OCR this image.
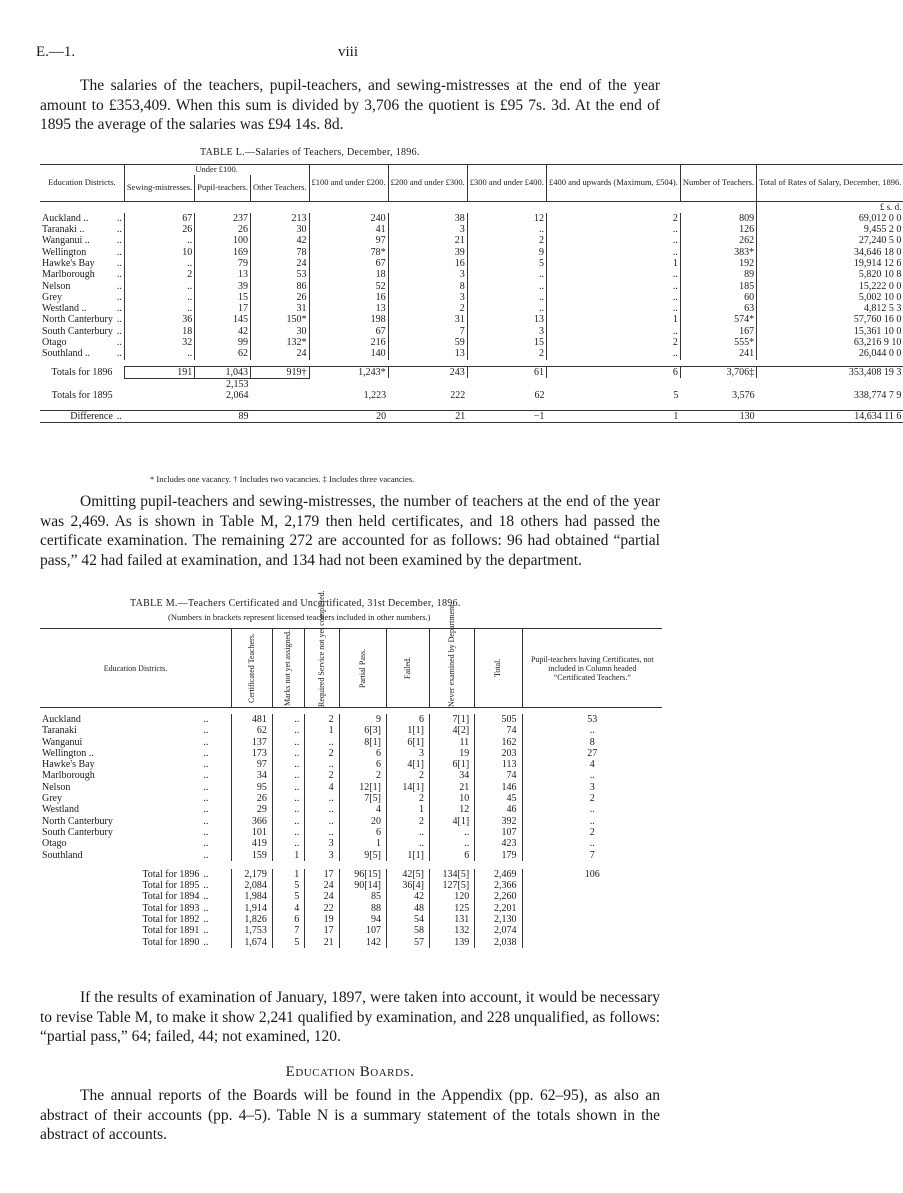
E.—1.	viii
The salaries of the teachers, pupil-teachers, and sewing-mistresses at the end of the year amount to £353,409. When this sum is divided by 3,706 the quotient is £95 7s. 3d. At the end of 1895 the average of the salaries was £94 14s. 8d.
TABLE L.—Salaries of Teachers, December, 1896.
Education Districts.		Under £100.			£100 and under £200.	£200 and under £300.	£300 and under £400.	£400 and upwards (Maximum, £504).	Number of Teachers.	Total of Rates of Salary, December, 1896.
		Sewing-mistresses.	Pupil-teachers.	Other Teachers.						
										£ s. d.
Auckland ..	..	67	237	213	240	38	12	2	809	69,012 0 0
Taranaki ..	..	26	26	30	41	3	..	..	126	9,455 2 0
Wanganui ..	..	..	100	42	97	21	2	..	262	27,240 5 0
Wellington	..	10	169	78	78*	39	9	..	383*	34,646 18 0
Hawke's Bay	..	..	79	24	67	16	5	1	192	19,914 12 6
Marlborough	..	2	13	53	18	3	..	..	89	5,820 10 8
Nelson	..	..	39	86	52	8	..	..	185	15,222 0 0
Grey	..	..	15	26	16	3	..	..	60	5,002 10 0
Westland ..	..	..	17	31	13	2	..	..	63	4,812 5 3
North Canterbury	..	36	145	150*	198	31	13	1	574*	57,760 16 0
South Canterbury	..	18	42	30	67	7	3	..	167	15,361 10 0
Otago	..	32	99	132*	216	59	15	2	555*	63,216 9 10
Southland ..	..	..	62	24	140	13	2	..	241	26,044 0 0

Totals for 1896		191	1,043	919†	1,243*	243	61	6	3,706‡	353,408 19 3

			2,153							
Totals for 1895			2,064		1,223	222	62	5	3,576	338,774 7 9

Difference	..		89		20	21	−1	1	130	14,634 11 6
* Includes one vacancy. † Includes two vacancies. ‡ Includes three vacancies.
Omitting pupil-teachers and sewing-mistresses, the number of teachers at the end of the year was 2,469. As is shown in Table M, 2,179 then held certificates, and 18 others had passed the certificate examination. The remaining 272 are accounted for as follows: 96 had obtained “partial pass,” 42 had failed at examination, and 134 had not been examined by the department.
TABLE M.—Teachers Certificated and Uncertificated, 31st December, 1896.
(Numbers in brackets represent licensed teachers included in other numbers.)
Education Districts.		Certificated Teachers.	Marks not yet assigned.	Required Service not yet completed.	Partial Pass.	Failed.	Never examined by Department.	Total.	Pupil-teachers having Certificates, not included in Column headed “Certificated Teachers.”

Auckland	..	481	..	2	9	6	7[1]	505	53
Taranaki	..	62	..	1	6[3]	1[1]	4[2]	74	..
Wanganui	..	137	..	..	8[1]	6[1]	11	162	8
Wellington ..	..	173	..	2	6	3	19	203	27
Hawke's Bay	..	97	..	..	6	4[1]	6[1]	113	4
Marlborough	..	34	..	2	2	2	34	74	..
Nelson	..	95	..	4	12[1]	14[1]	21	146	3
Grey	..	26	..	..	7[5]	2	10	45	2
Westland	..	29	..	..	4	1	12	46	..
North Canterbury	..	366	..	..	20	2	4[1]	392	..
South Canterbury	..	101	..	..	6	..	..	107	2
Otago	..	419	..	3	1	..	..	423	..
Southland	..	159	1	3	9[5]	1[1]	6	179	7

Total for 1896	..	2,179	1	17	96[15]	42[5]	134[5]	2,469	106
Total for 1895	..	2,084	5	24	90[14]	36[4]	127[5]	2,366	
Total for 1894	..	1,984	5	24	85	42	120	2,260	
Total for 1893	..	1,914	4	22	88	48	125	2,201	
Total for 1892	..	1,826	6	19	94	54	131	2,130	
Total for 1891	..	1,753	7	17	107	58	132	2,074	
Total for 1890	..	1,674	5	21	142	57	139	2,038	
If the results of examination of January, 1897, were taken into account, it would be necessary to revise Table M, to make it show 2,241 qualified by examination, and 228 unqualified, as follows: “partial pass,” 64; failed, 44; not examined, 120.
Education Boards.
The annual reports of the Boards will be found in the Appendix (pp. 62–95), as also an abstract of their accounts (pp. 4–5). Table N is a summary statement of the totals shown in the abstract of accounts.
